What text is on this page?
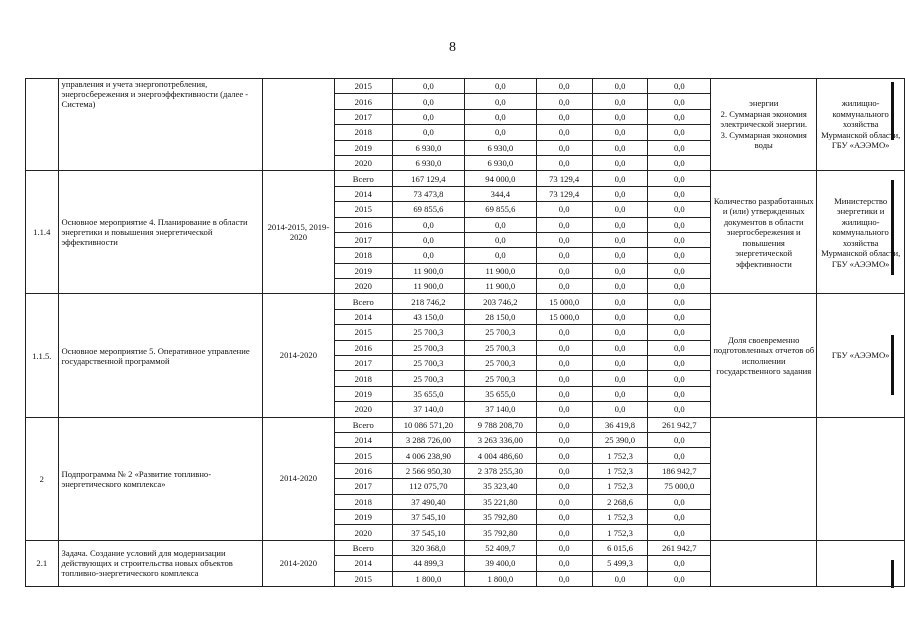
8
	управления и учета энергопотребления, энергосбережения и энергоэффективности (далее - Система)		2015	0,0	0,0	0,0	0,0	0,0	энергии
2. Суммарная экономия электрической энергии.
3. Суммарная экономия воды	жилищно-коммунального хозяйства Мурманской области, ГБУ «АЭЭМО»
			2016	0,0	0,0	0,0	0,0	0,0		
			2017	0,0	0,0	0,0	0,0	0,0		
			2018	0,0	0,0	0,0	0,0	0,0		
			2019	6 930,0	6 930,0	0,0	0,0	0,0		
			2020	6 930,0	6 930,0	0,0	0,0	0,0		
1.1.4	Основное мероприятие 4. Планирование в области энергетики и повышения энергетической эффективности	2014-2015, 2019-2020	Всего	167 129,4	94 000,0	73 129,4	0,0	0,0	Количество разработанных и (или) утвержденных документов в области энергосбережения и повышения энергетической эффективности	Министерство энергетики и жилищно-коммунального хозяйства Мурманской области, ГБУ «АЭЭМО»
			2014	73 473,8	344,4	73 129,4	0,0	0,0		
			2015	69 855,6	69 855,6	0,0	0,0	0,0		
			2016	0,0	0,0	0,0	0,0	0,0		
			2017	0,0	0,0	0,0	0,0	0,0		
			2018	0,0	0,0	0,0	0,0	0,0		
			2019	11 900,0	11 900,0	0,0	0,0	0,0		
			2020	11 900,0	11 900,0	0,0	0,0	0,0		
1.1.5.	Основное мероприятие 5. Оперативное управление государственной программой	2014-2020	Всего	218 746,2	203 746,2	15 000,0	0,0	0,0	Доля своевременно подготовленных отчетов об исполнении государственного задания	ГБУ «АЭЭМО»
			2014	43 150,0	28 150,0	15 000,0	0,0	0,0		
			2015	25 700,3	25 700,3	0,0	0,0	0,0		
			2016	25 700,3	25 700,3	0,0	0,0	0,0		
			2017	25 700,3	25 700,3	0,0	0,0	0,0		
			2018	25 700,3	25 700,3	0,0	0,0	0,0		
			2019	35 655,0	35 655,0	0,0	0,0	0,0		
			2020	37 140,0	37 140,0	0,0	0,0	0,0		
2	Подпрограмма № 2 «Развитие топливно-энергетического комплекса»	2014-2020	Всего	10 086 571,20	9 788 208,70	0,0	36 419,8	261 942,7		
			2014	3 288 726,00	3 263 336,00	0,0	25 390,0	0,0		
			2015	4 006 238,90	4 004 486,60	0,0	1 752,3	0,0		
			2016	2 566 950,30	2 378 255,30	0,0	1 752,3	186 942,7		
			2017	112 075,70	35 323,40	0,0	1 752,3	75 000,0		
			2018	37 490,40	35 221,80	0,0	2 268,6	0,0		
			2019	37 545,10	35 792,80	0,0	1 752,3	0,0		
			2020	37 545,10	35 792,80	0,0	1 752,3	0,0		
2.1	Задача. Создание условий для модернизации действующих и строительства новых объектов топливно-энергетического комплекса	2014-2020	Всего	320 368,0	52 409,7	0,0	6 015,6	261 942,7		
			2014	44 899,3	39 400,0	0,0	5 499,3	0,0		
			2015	1 800,0	1 800,0	0,0	0,0	0,0		
